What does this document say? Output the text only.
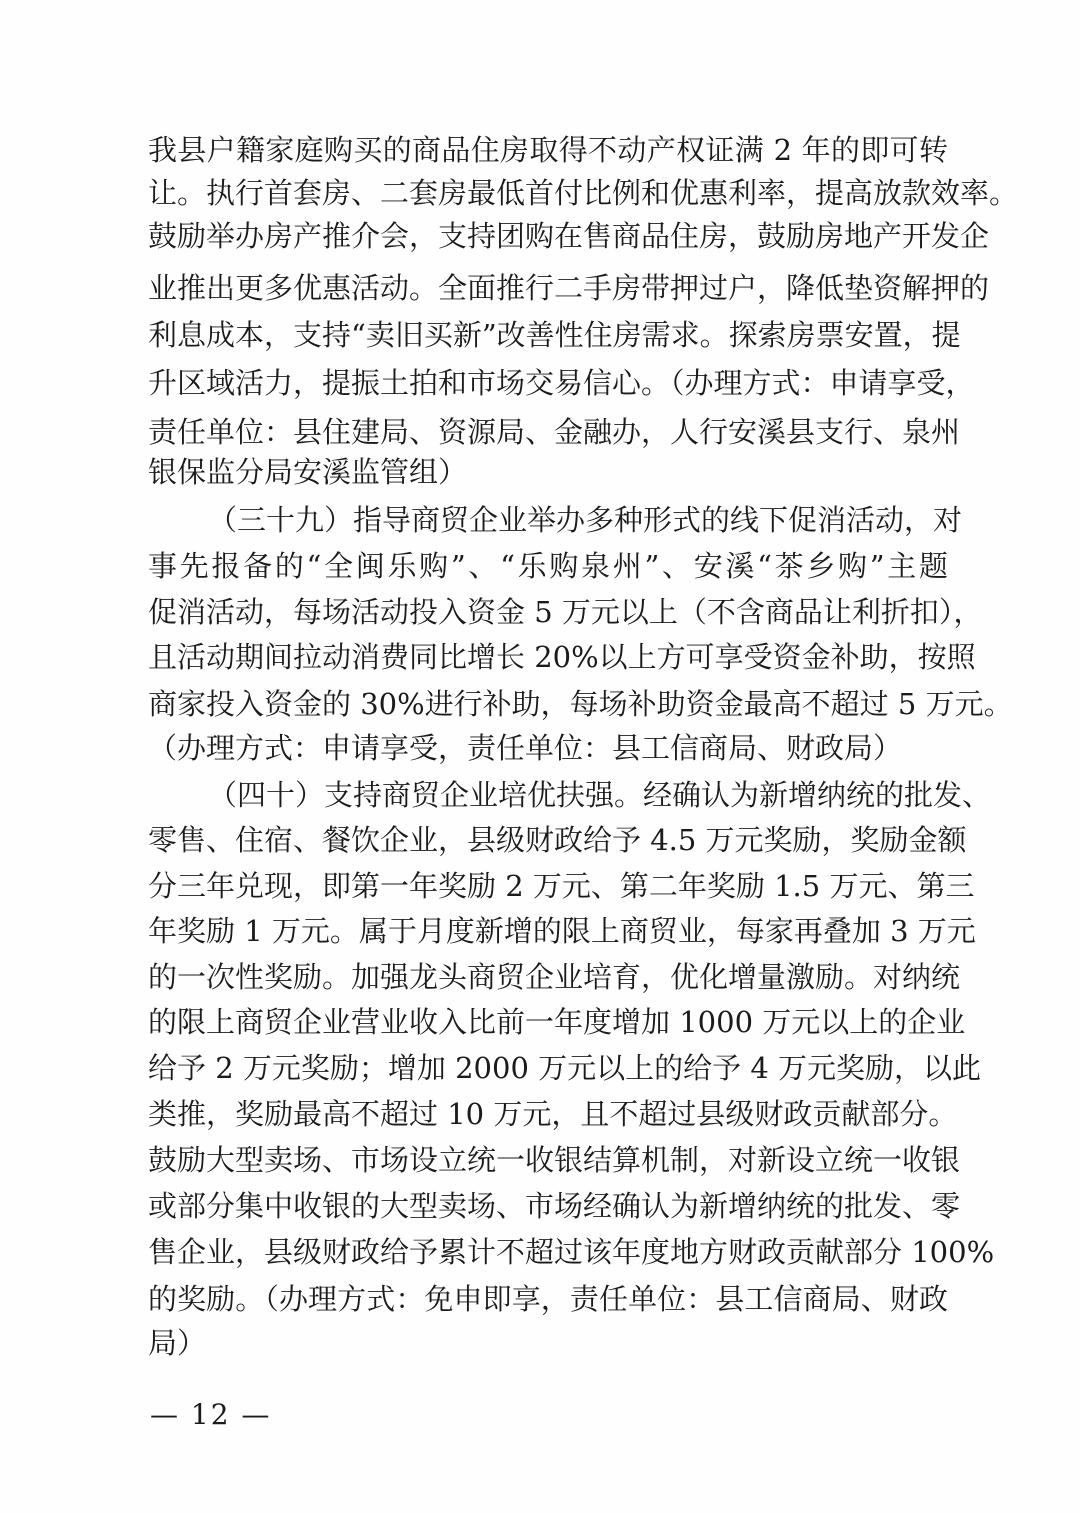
我县户籍家庭购买的商品住房取得不动产权证满 2 年的即可转
让。执行首套房、二套房最低首付比例和优惠利率，提高放款效率。
鼓励举办房产推介会，支持团购在售商品住房，鼓励房地产开发企
业推出更多优惠活动。全面推行二手房带押过户，降低垫资解押的
利息成本，支持“卖旧买新”改善性住房需求。探索房票安置，提
升区域活力，提振土拍和市场交易信心。（办理方式：申请享受，
责任单位：县住建局、资源局、金融办，人行安溪县支行、泉州
银保监分局安溪监管组）
（三十九）指导商贸企业举办多种形式的线下促消活动，对
事先报备的“全闽乐购”、“乐购泉州”、安溪“茶乡购”主题
促消活动，每场活动投入资金 5 万元以上（不含商品让利折扣），
且活动期间拉动消费同比增长 20%以上方可享受资金补助，按照
商家投入资金的 30%进行补助，每场补助资金最高不超过 5 万元。
（办理方式：申请享受，责任单位：县工信商局、财政局）
（四十）支持商贸企业培优扶强。经确认为新增纳统的批发、
零售、住宿、餐饮企业，县级财政给予 4.5 万元奖励，奖励金额
分三年兑现，即第一年奖励 2 万元、第二年奖励 1.5 万元、第三
年奖励 1 万元。属于月度新增的限上商贸业，每家再叠加 3 万元
的一次性奖励。加强龙头商贸企业培育，优化增量激励。对纳统
的限上商贸企业营业收入比前一年度增加 1000 万元以上的企业
给予 2 万元奖励；增加 2000 万元以上的给予 4 万元奖励，以此
类推，奖励最高不超过 10 万元，且不超过县级财政贡献部分。
鼓励大型卖场、市场设立统一收银结算机制，对新设立统一收银
或部分集中收银的大型卖场、市场经确认为新增纳统的批发、零
售企业，县级财政给予累计不超过该年度地方财政贡献部分 100%
的奖励。（办理方式：免申即享，责任单位：县工信商局、财政
局）
— 12 —
